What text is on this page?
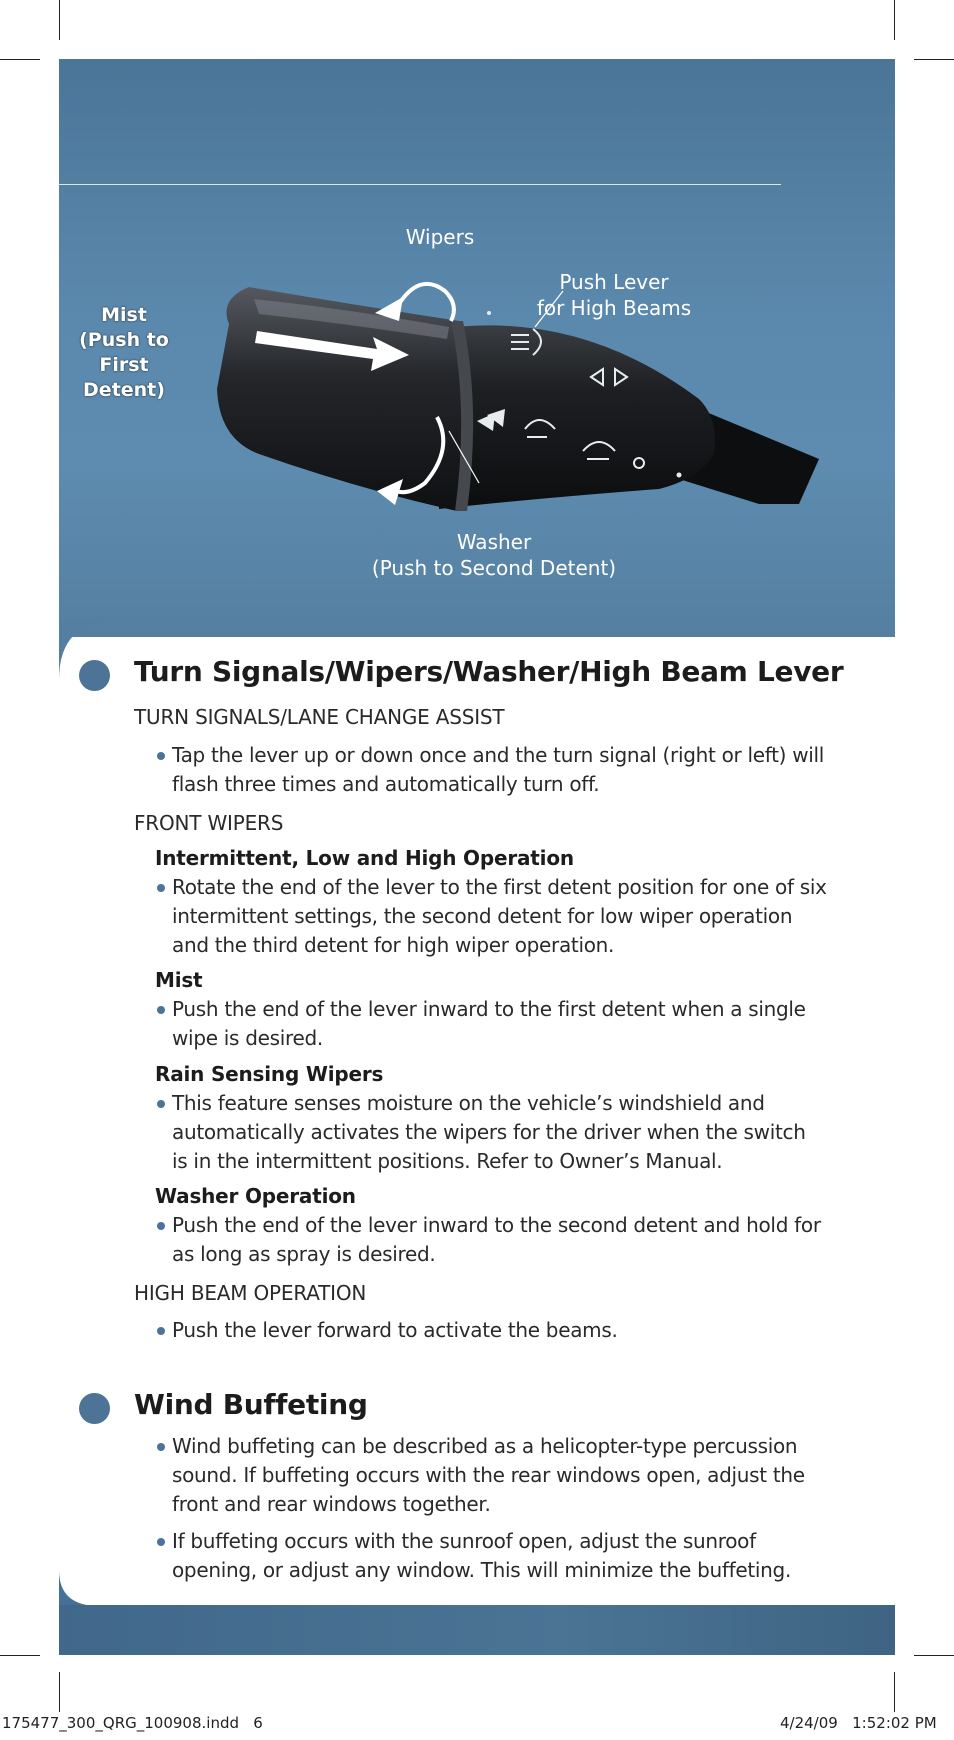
Wipers
Push Lever
for High Beams
Mist
(Push to
First Detent)
Washer
(Push to Second Detent)
Turn Signals/Wipers/Washer/High Beam Lever
TURN SIGNALS/LANE CHANGE ASSIST
Tap the lever up or down once and the turn signal (right or left) will flash three times and automatically turn off.
FRONT WIPERS
Intermittent, Low and High Operation
Rotate the end of the lever to the first detent position for one of six intermittent settings, the second detent for low wiper operation and the third detent for high wiper operation.
Mist
Push the end of the lever inward to the first detent when a single wipe is desired.
Rain Sensing Wipers
This feature senses moisture on the vehicle’s windshield and automatically activates the wipers for the driver when the switch is in the intermittent positions. Refer to Owner’s Manual.
Washer Operation
Push the end of the lever inward to the second detent and hold for as long as spray is desired.
HIGH BEAM OPERATION
Push the lever forward to activate the beams.
Wind Buffeting
Wind buffeting can be described as a helicopter-type percussion sound. If buffeting occurs with the rear windows open, adjust the front and rear windows together.
If buffeting occurs with the sunroof open, adjust the sunroof opening, or adjust any window. This will minimize the buffeting.
175477_300_QRG_100908.indd   6	4/24/09   1:52:02 PM
